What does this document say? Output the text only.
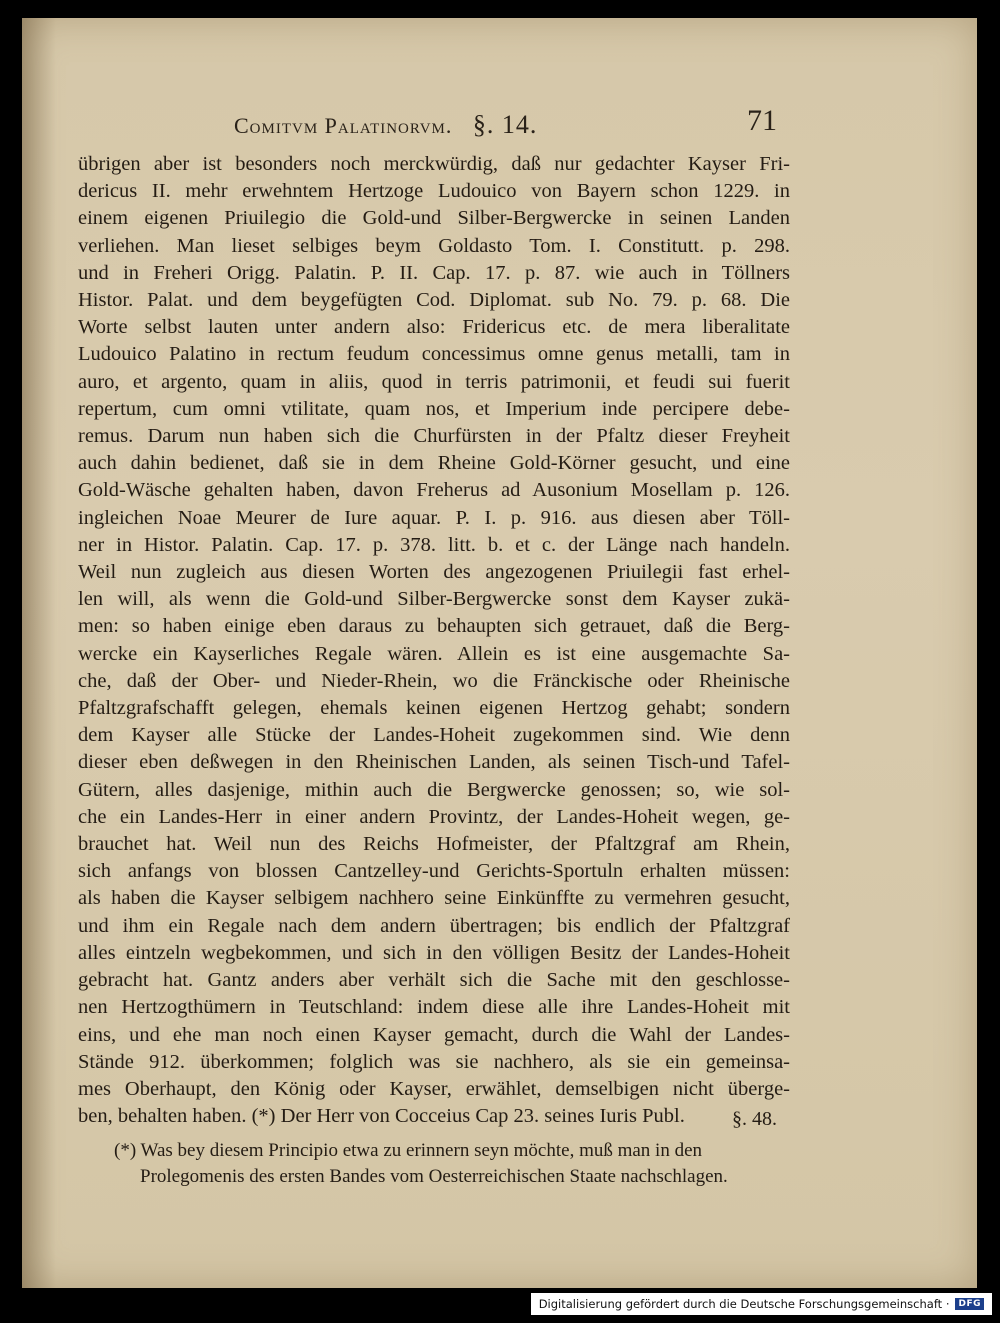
Comitvm Palatinorvm. §. 14.	71
übrigen aber ist besonders noch merckwürdig, daß nur gedachter Kayser Fri-
dericus II. mehr erwehntem Hertzoge Ludouico von Bayern schon 1229. in
einem eigenen Priuilegio die Gold-und Silber-Bergwercke in seinen Landen
verliehen. Man lieset selbiges beym Goldasto Tom. I. Constitutt. p. 298.
und in Freheri Origg. Palatin. P. II. Cap. 17. p. 87. wie auch in Töllners
Histor. Palat. und dem beygefügten Cod. Diplomat. sub No. 79. p. 68. Die
Worte selbst lauten unter andern also: Fridericus etc. de mera liberalitate
Ludouico Palatino in rectum feudum concessimus omne genus metalli, tam in
auro, et argento, quam in aliis, quod in terris patrimonii, et feudi sui fuerit
repertum, cum omni vtilitate, quam nos, et Imperium inde percipere debe-
remus. Darum nun haben sich die Churfürsten in der Pfaltz dieser Freyheit
auch dahin bedienet, daß sie in dem Rheine Gold-Körner gesucht, und eine
Gold-Wäsche gehalten haben, davon Freherus ad Ausonium Mosellam p. 126.
ingleichen Noae Meurer de Iure aquar. P. I. p. 916. aus diesen aber Töll-
ner in Histor. Palatin. Cap. 17. p. 378. litt. b. et c. der Länge nach handeln.
Weil nun zugleich aus diesen Worten des angezogenen Priuilegii fast erhel-
len will, als wenn die Gold-und Silber-Bergwercke sonst dem Kayser zukä-
men: so haben einige eben daraus zu behaupten sich getrauet, daß die Berg-
wercke ein Kayserliches Regale wären. Allein es ist eine ausgemachte Sa-
che, daß der Ober- und Nieder-Rhein, wo die Fränckische oder Rheinische
Pfaltzgrafschafft gelegen, ehemals keinen eigenen Hertzog gehabt; sondern
dem Kayser alle Stücke der Landes-Hoheit zugekommen sind. Wie denn
dieser eben deßwegen in den Rheinischen Landen, als seinen Tisch-und Tafel-
Gütern, alles dasjenige, mithin auch die Bergwercke genossen; so, wie sol-
che ein Landes-Herr in einer andern Provintz, der Landes-Hoheit wegen, ge-
brauchet hat. Weil nun des Reichs Hofmeister, der Pfaltzgraf am Rhein,
sich anfangs von blossen Cantzelley-und Gerichts-Sportuln erhalten müssen:
als haben die Kayser selbigem nachhero seine Einkünffte zu vermehren gesucht,
und ihm ein Regale nach dem andern übertragen; bis endlich der Pfaltzgraf
alles eintzeln wegbekommen, und sich in den völligen Besitz der Landes-Hoheit
gebracht hat. Gantz anders aber verhält sich die Sache mit den geschlosse-
nen Hertzogthümern in Teutschland: indem diese alle ihre Landes-Hoheit mit
eins, und ehe man noch einen Kayser gemacht, durch die Wahl der Landes-
Stände 912. überkommen; folglich was sie nachhero, als sie ein gemeinsa-
mes Oberhaupt, den König oder Kayser, erwählet, demselbigen nicht überge-
ben, behalten haben. (*) Der Herr von Cocceius Cap 23. seines Iuris Publ.	§. 48.
(*) Was bey diesem Principio etwa zu erinnern seyn möchte, muß man in den
Prolegomenis des ersten Bandes vom Oesterreichischen Staate nachschlagen.
Digitalisierung gefördert durch die Deutsche Forschungsgemeinschaft ·	DFG
